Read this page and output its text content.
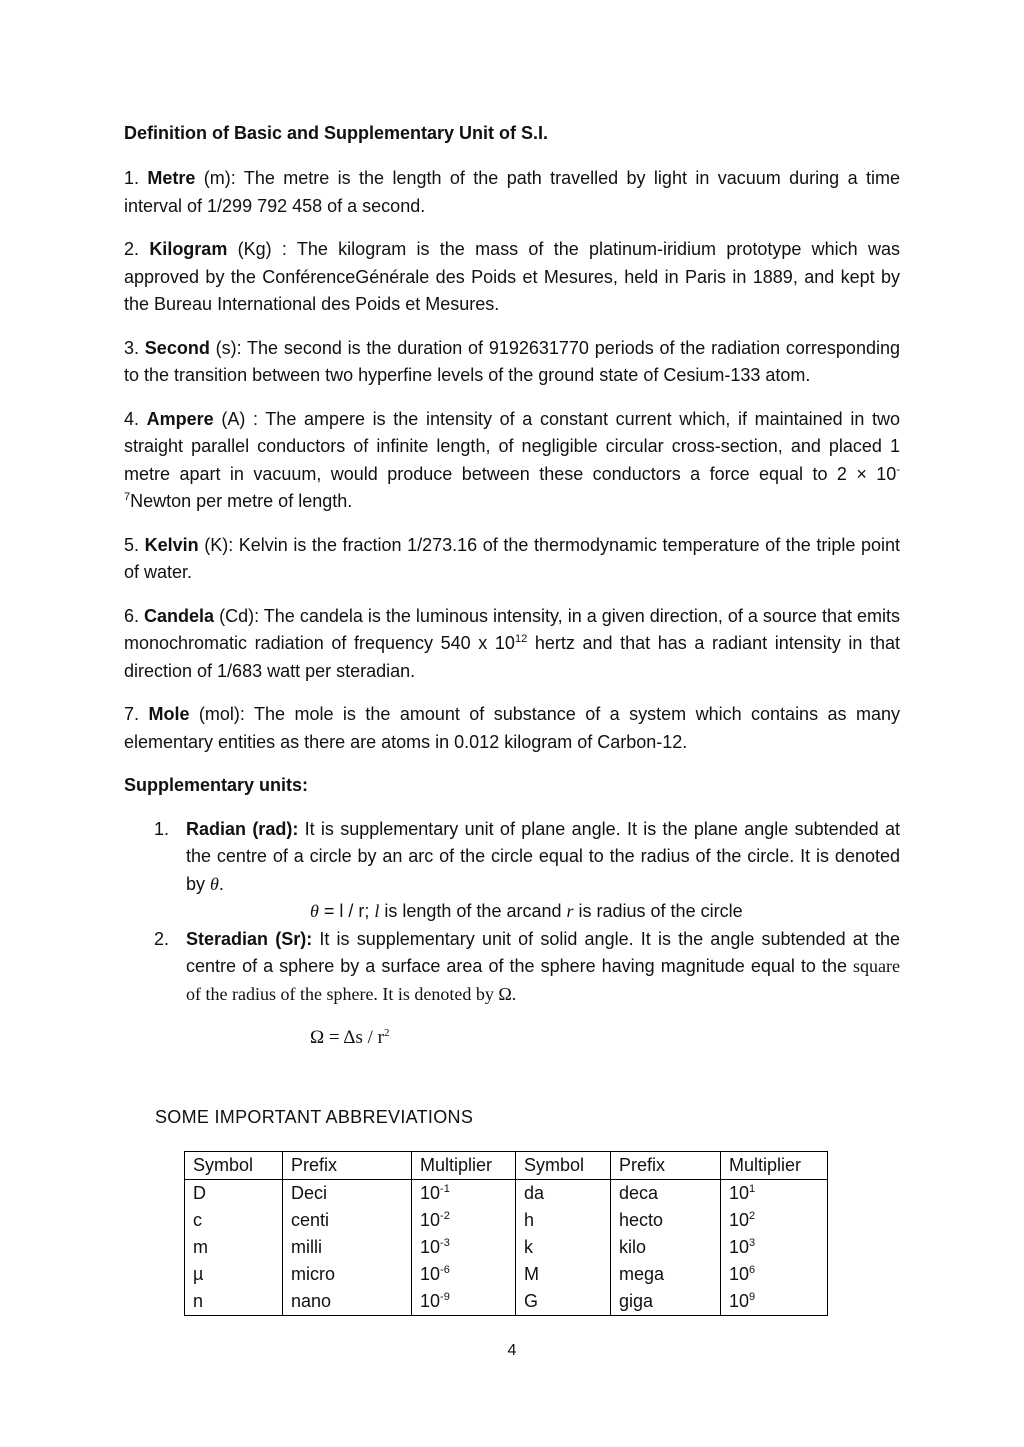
Definition of Basic and Supplementary Unit of S.I.

1. Metre (m): The metre is the length of the path travelled by light in vacuum during a time interval of 1/299 792 458 of a second.

2. Kilogram (Kg) : The kilogram is the mass of the platinum-iridium prototype which was approved by the ConférenceGénérale des Poids et Mesures, held in Paris in 1889, and kept by the Bureau International des Poids et Mesures.

3. Second (s): The second is the duration of 9192631770 periods of the radiation corresponding to the transition between two hyperfine levels of the ground state of Cesium-133 atom.

4. Ampere (A) : The ampere is the intensity of a constant current which, if maintained in two straight parallel conductors of infinite length, of negligible circular cross-section, and placed 1 metre apart in vacuum, would produce between these conductors a force equal to $2 \times 10^{-7}Newton$ per metre of length.

5. Kelvin (K): Kelvin is the fraction 1/273.16 of the thermodynamic temperature of the triple point of water.

6. Candela (Cd): The candela is the luminous intensity, in a given direction, of a source that emits monochromatic radiation of frequency 540 x $10^{12}$ hertz and that has a radiant intensity in that direction of 1/683 watt per steradian.

7. Mole (mol): The mole is the amount of substance of a system which contains as many elementary entities as there are atoms in 0.012 kilogram of Carbon-12.

Supplementary units:
1. Radian (rad): It is supplementary unit of plane angle. It is the plane angle subtended at the centre of a circle by an arc of the circle equal to the radius of the circle. It is denoted by θ.
θ = l / r; l is length of the arcand r is radius of the circle
2. Steradian (Sr): It is supplementary unit of solid angle. It is the angle subtended at the centre of a sphere by a surface area of the sphere having magnitude equal to the square of the radius of the sphere. It is denoted by Ω.
$\Omega = \Delta s / r^2$
SOME IMPORTANT ABBREVIATIONS
Symbol	Prefix	Multiplier	Symbol	Prefix	Multiplier
D	Deci	$10^{-1}$	da	deca	$10^1$
c	centi	$10^{-2}$	h	hecto	$10^2$
m	milli	$10^{-3}$	k	kilo	$10^3$
µ	micro	$10^{-6}$	M	mega	$10^6$
n	nano	$10^{-9}$	G	giga	$10^9$
4
